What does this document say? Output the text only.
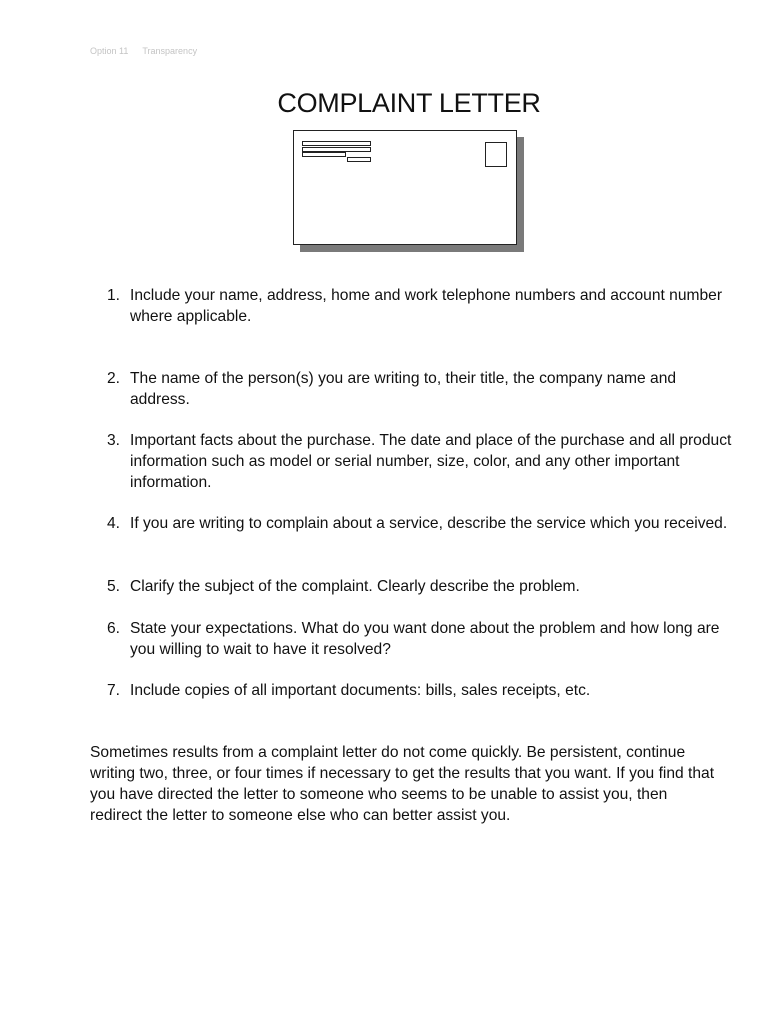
Option 11 Transparency
COMPLAINT LETTER
1. Include your name, address, home and work telephone numbers and account number where applicable.
2. The name of the person(s) you are writing to, their title, the company name and address.
3. Important facts about the purchase. The date and place of the purchase and all product information such as model or serial number, size, color, and any other important information.
4. If you are writing to complain about a service, describe the service which you received.
5. Clarify the subject of the complaint. Clearly describe the problem.
6. State your expectations. What do you want done about the problem and how long are you willing to wait to have it resolved?
7. Include copies of all important documents: bills, sales receipts, etc.

Sometimes results from a complaint letter do not come quickly. Be persistent, continue writing two, three, or four times if necessary to get the results that you want. If you find that you have directed the letter to someone who seems to be unable to assist you, then redirect the letter to someone else who can better assist you.
